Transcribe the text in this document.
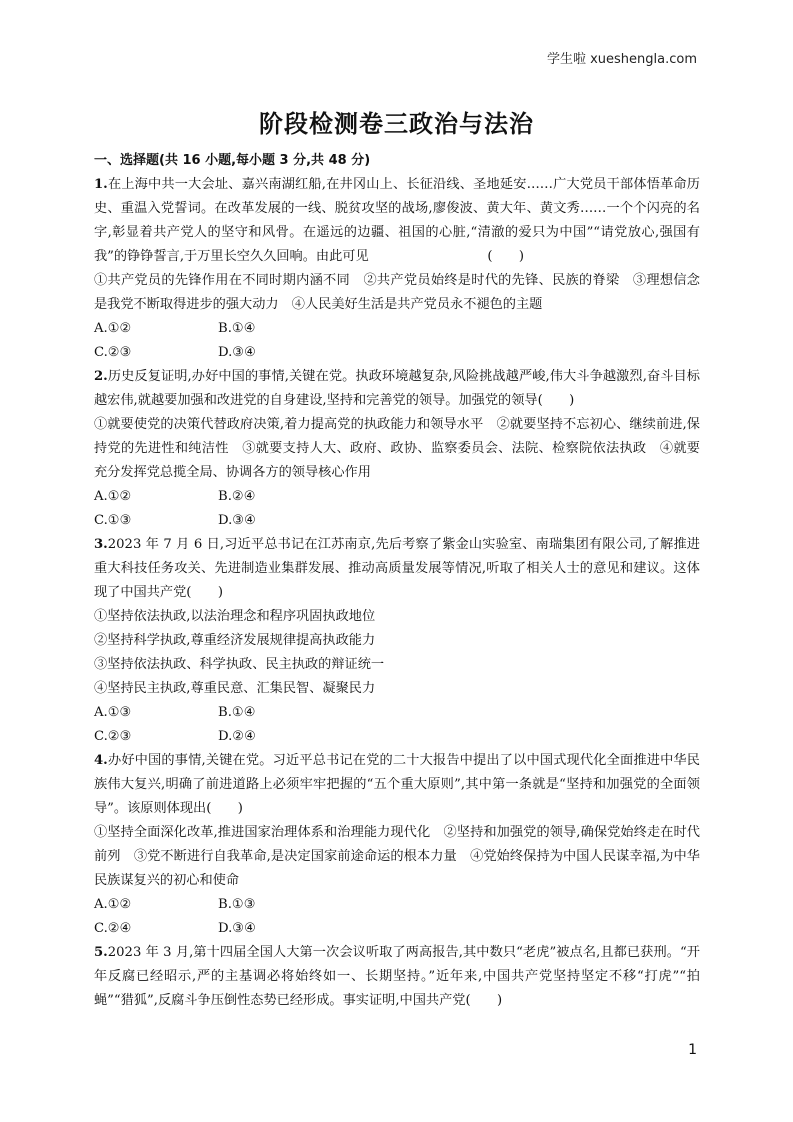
学生啦 xueshengla.com
阶段检测卷三政治与法治
一、选择题(共 16 小题,每小题 3 分,共 48 分)
1.在上海中共一大会址、嘉兴南湖红船,在井冈山上、长征沿线、圣地延安……广大党员干部体悟革命历史、重温入党誓词。在改革发展的一线、脱贫攻坚的战场,廖俊波、黄大年、黄文秀……一个个闪亮的名字,彰显着共产党人的坚守和风骨。在遥远的边疆、祖国的心脏,“清澈的爱只为中国”“请党放心,强国有我”的铮铮誓言,于万里长空久久回响。由此可见　　　　　　　　　(　　)
①共产党员的先锋作用在不同时期内涵不同　②共产党员始终是时代的先锋、民族的脊梁　③理想信念是我党不断取得进步的强大动力　④人民美好生活是共产党员永不褪色的主题
A.①②	B.①④
C.②③	D.③④
2.历史反复证明,办好中国的事情,关键在党。执政环境越复杂,风险挑战越严峻,伟大斗争越激烈,奋斗目标越宏伟,就越要加强和改进党的自身建设,坚持和完善党的领导。加强党的领导(　　)
①就要使党的决策代替政府决策,着力提高党的执政能力和领导水平　②就要坚持不忘初心、继续前进,保持党的先进性和纯洁性　③就要支持人大、政府、政协、监察委员会、法院、检察院依法执政　④就要充分发挥党总揽全局、协调各方的领导核心作用
A.①②	B.②④
C.①③	D.③④
3.2023 年 7 月 6 日,习近平总书记在江苏南京,先后考察了紫金山实验室、南瑞集团有限公司,了解推进重大科技任务攻关、先进制造业集群发展、推动高质量发展等情况,听取了相关人士的意见和建议。这体现了中国共产党(　　)
①坚持依法执政,以法治理念和程序巩固执政地位
②坚持科学执政,尊重经济发展规律提高执政能力
③坚持依法执政、科学执政、民主执政的辩证统一
④坚持民主执政,尊重民意、汇集民智、凝聚民力
A.①③	B.①④
C.②③	D.②④
4.办好中国的事情,关键在党。习近平总书记在党的二十大报告中提出了以中国式现代化全面推进中华民族伟大复兴,明确了前进道路上必须牢牢把握的“五个重大原则”,其中第一条就是“坚持和加强党的全面领导”。该原则体现出(　　)
①坚持全面深化改革,推进国家治理体系和治理能力现代化　②坚持和加强党的领导,确保党始终走在时代前列　③党不断进行自我革命,是决定国家前途命运的根本力量　④党始终保持为中国人民谋幸福,为中华民族谋复兴的初心和使命
A.①②	B.①③
C.②④	D.③④
5.2023 年 3 月,第十四届全国人大第一次会议听取了两高报告,其中数只“老虎”被点名,且都已获刑。“开年反腐已经昭示,严的主基调必将始终如一、长期坚持。”近年来,中国共产党坚持坚定不移“打虎”“拍蝇”“猎狐”,反腐斗争压倒性态势已经形成。事实证明,中国共产党(　　)
1
